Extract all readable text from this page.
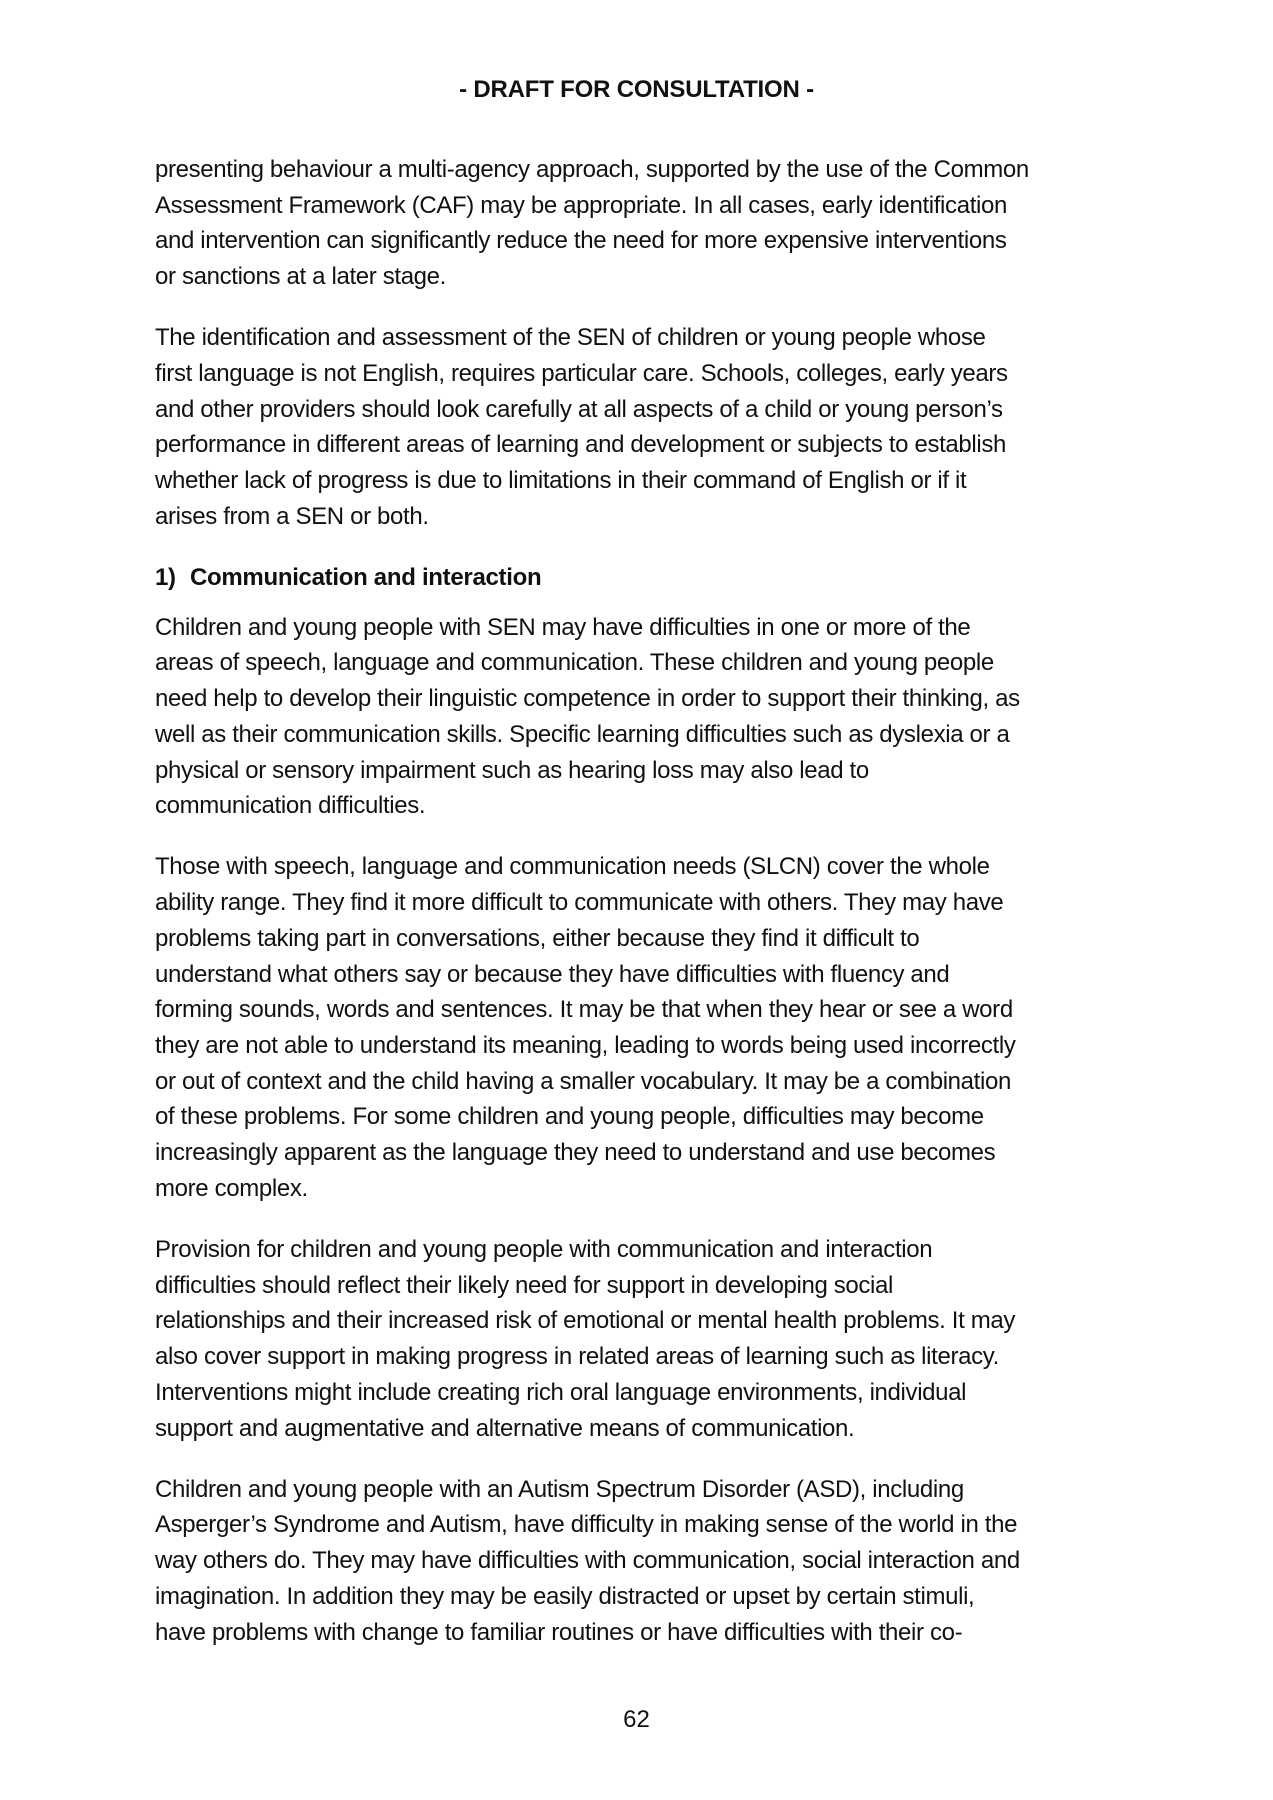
- DRAFT FOR CONSULTATION -

presenting behaviour a multi-agency approach, supported by the use of the Common
Assessment Framework (CAF) may be appropriate. In all cases, early identification
and intervention can significantly reduce the need for more expensive interventions
or sanctions at a later stage.

The identification and assessment of the SEN of children or young people whose
first language is not English, requires particular care. Schools, colleges, early years
and other providers should look carefully at all aspects of a child or young person’s
performance in different areas of learning and development or subjects to establish
whether lack of progress is due to limitations in their command of English or if it
arises from a SEN or both.

1) Communication and interaction

Children and young people with SEN may have difficulties in one or more of the
areas of speech, language and communication. These children and young people
need help to develop their linguistic competence in order to support their thinking, as
well as their communication skills. Specific learning difficulties such as dyslexia or a
physical or sensory impairment such as hearing loss may also lead to
communication difficulties.

Those with speech, language and communication needs (SLCN) cover the whole
ability range. They find it more difficult to communicate with others. They may have
problems taking part in conversations, either because they find it difficult to
understand what others say or because they have difficulties with fluency and
forming sounds, words and sentences. It may be that when they hear or see a word
they are not able to understand its meaning, leading to words being used incorrectly
or out of context and the child having a smaller vocabulary. It may be a combination
of these problems. For some children and young people, difficulties may become
increasingly apparent as the language they need to understand and use becomes
more complex.

Provision for children and young people with communication and interaction
difficulties should reflect their likely need for support in developing social
relationships and their increased risk of emotional or mental health problems. It may
also cover support in making progress in related areas of learning such as literacy.
Interventions might include creating rich oral language environments, individual
support and augmentative and alternative means of communication.

Children and young people with an Autism Spectrum Disorder (ASD), including
Asperger’s Syndrome and Autism, have difficulty in making sense of the world in the
way others do. They may have difficulties with communication, social interaction and
imagination. In addition they may be easily distracted or upset by certain stimuli,
have problems with change to familiar routines or have difficulties with their co-

62
